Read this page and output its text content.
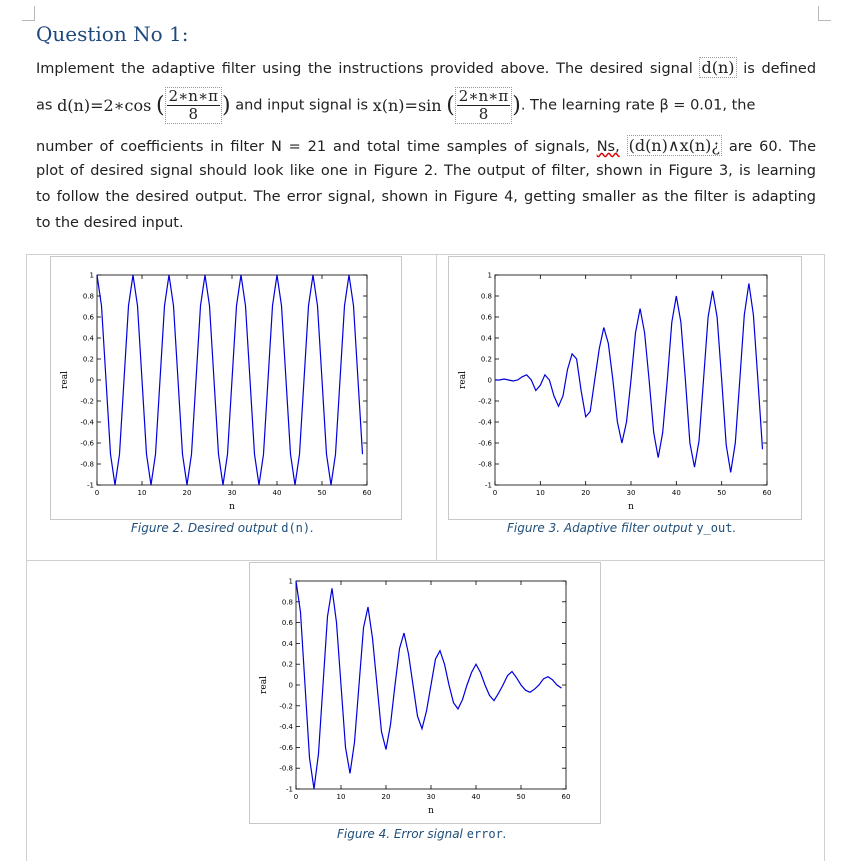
Question No 1:
Implement the adaptive filter using the instructions provided above. The desired signal d(n) is defined
as d(n)=2∗cos ( $\frac{2∗n∗\pi}{8}$ ) and input signal is x(n)=sin ( $\frac{2∗n∗\pi}{8}$ ). The learning rate β = 0.01, the
number of coefficients in filter N = 21 and total time samples of signals, Ns, (d(n)∧x(n)¿ are 60. The
plot of desired signal should look like one in Figure 2. The output of filter, shown in Figure 3, is learning
to follow the desired output. The error signal, shown in Figure 4, getting smaller as the filter is adapting
to the desired input.
0	10	20	30	40	50	60
1
0.8
0.6
0.4
0.2
0
-0.2
-0.4
-0.6
-0.8
-1
n
real
Figure 2. Desired output d(n).
0	10	20	30	40	50	60
1
0.8
0.6
0.4
0.2
0
-0.2
-0.4
-0.6
-0.8
-1
n
real
Figure 3. Adaptive filter output y_out.
0	10	20	30	40	50	60
1
0.8
0.6
0.4
0.2
0
-0.2
-0.4
-0.6
-0.8
-1
n
real
Figure 4. Error signal error.
